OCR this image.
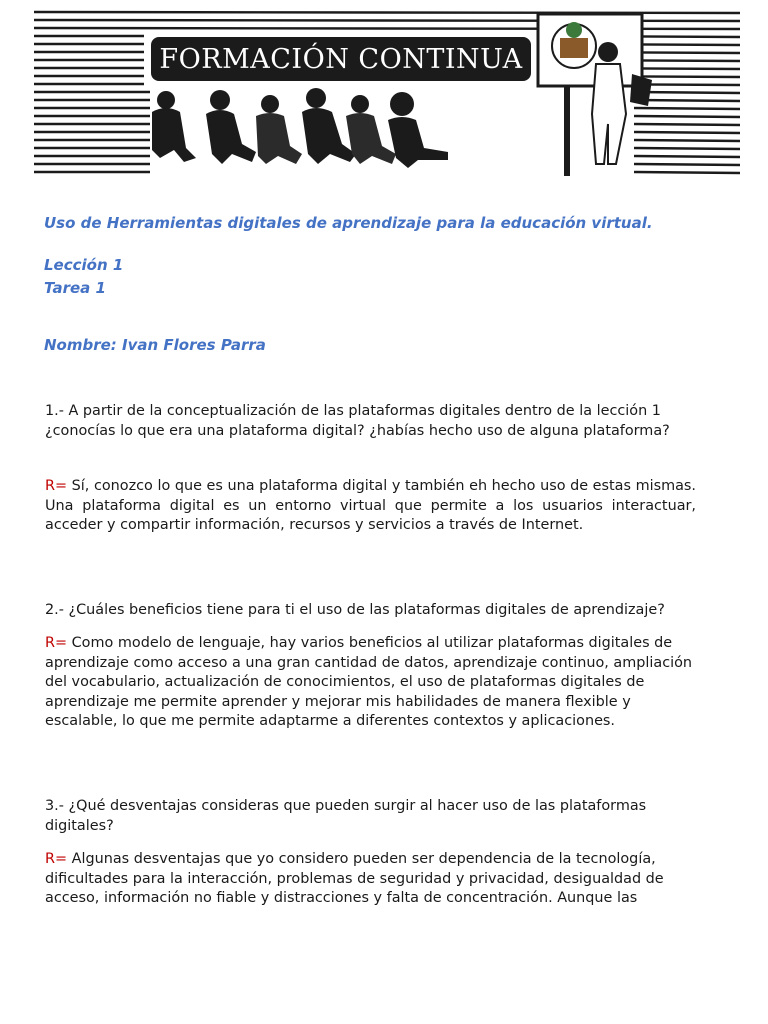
FORMACIÓN CONTINUA
Uso de Herramientas digitales de aprendizaje para la educación virtual.
Lección 1
Tarea 1
Nombre: Ivan Flores Parra
1.- A partir de la conceptualización de las plataformas digitales dentro de la lección 1 ¿conocías lo que era una plataforma digital? ¿habías hecho uso de alguna plataforma?
R= Sí, conozco lo que es una plataforma digital y también eh hecho uso de estas mismas. Una plataforma digital es un entorno virtual que permite a los usuarios interactuar, acceder y compartir información, recursos y servicios a través de Internet.
2.- ¿Cuáles beneficios tiene para ti el uso de las plataformas digitales de aprendizaje?
R= Como modelo de lenguaje, hay varios beneficios al utilizar plataformas digitales de aprendizaje como acceso a una gran cantidad de datos, aprendizaje continuo, ampliación del vocabulario, actualización de conocimientos, el uso de plataformas digitales de aprendizaje me permite aprender y mejorar mis habilidades de manera flexible y escalable, lo que me permite adaptarme a diferentes contextos y aplicaciones.
3.- ¿Qué desventajas consideras que pueden surgir al hacer uso de las plataformas digitales?
R= Algunas desventajas que yo considero pueden ser dependencia de la tecnología, dificultades para la interacción, problemas de seguridad y privacidad, desigualdad de acceso, información no fiable y distracciones y falta de concentración. Aunque las
